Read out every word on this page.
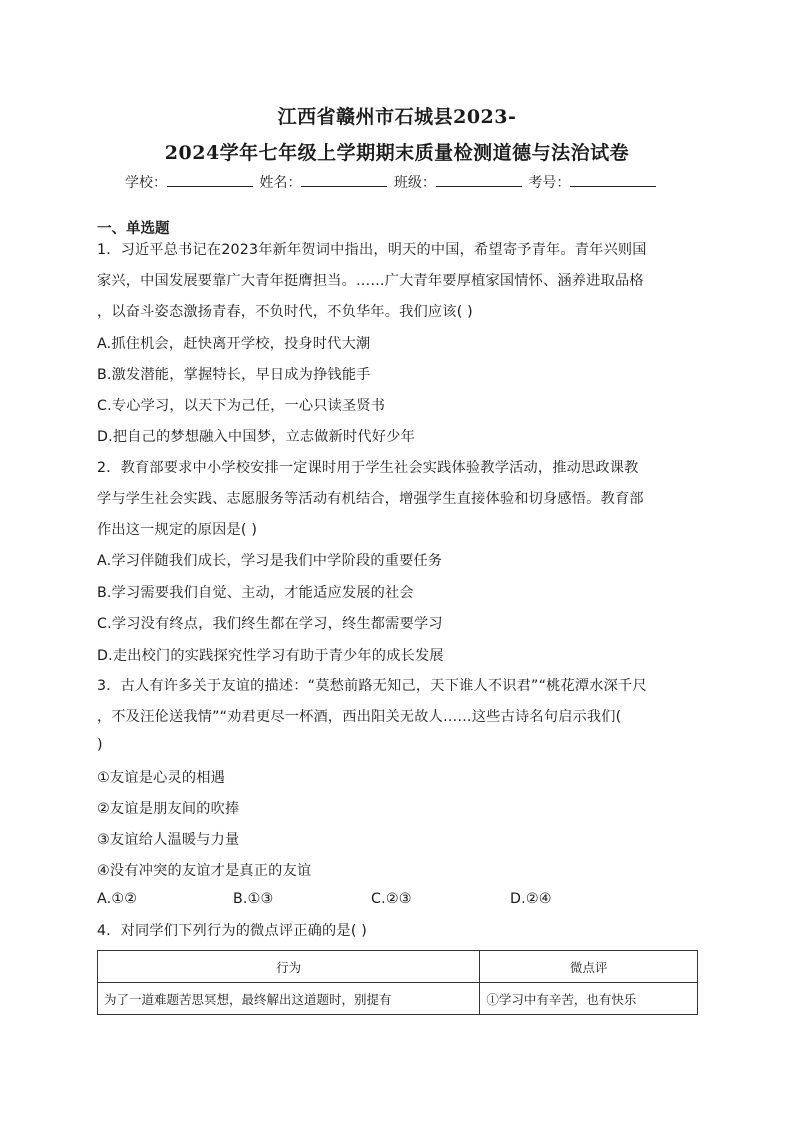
江西省赣州市石城县2023-
2024学年七年级上学期期末质量检测道德与法治试卷
学校：	姓名：	班级：	考号：
一、单选题
1．习近平总书记在2023年新年贺词中指出，明天的中国，希望寄予青年。青年兴则国
家兴，中国发展要靠广大青年挺膺担当。……广大青年要厚植家国情怀、涵养进取品格
，以奋斗姿态激扬青春，不负时代，不负华年。我们应该( )
A.抓住机会，赶快离开学校，投身时代大潮
B.激发潜能，掌握特长，早日成为挣钱能手
C.专心学习，以天下为己任，一心只读圣贤书
D.把自己的梦想融入中国梦，立志做新时代好少年
2．教育部要求中小学校安排一定课时用于学生社会实践体验教学活动，推动思政课教
学与学生社会实践、志愿服务等活动有机结合，增强学生直接体验和切身感悟。教育部
作出这一规定的原因是( )
A.学习伴随我们成长，学习是我们中学阶段的重要任务
B.学习需要我们自觉、主动，才能适应发展的社会
C.学习没有终点，我们终生都在学习，终生都需要学习
D.走出校门的实践探究性学习有助于青少年的成长发展
3．古人有许多关于友谊的描述：“莫愁前路无知己，天下谁人不识君”“桃花潭水深千尺
，不及汪伦送我情”“劝君更尽一杯酒，西出阳关无故人……这些古诗名句启示我们(
)
①友谊是心灵的相遇
②友谊是朋友间的吹捧
③友谊给人温暖与力量
④没有冲突的友谊才是真正的友谊
A.①②	B.①③	C.②③	D.②④
4．对同学们下列行为的微点评正确的是( )
行为	微点评
为了一道难题苦思冥想，最终解出这道题时，别提有	①学习中有辛苦，也有快乐
